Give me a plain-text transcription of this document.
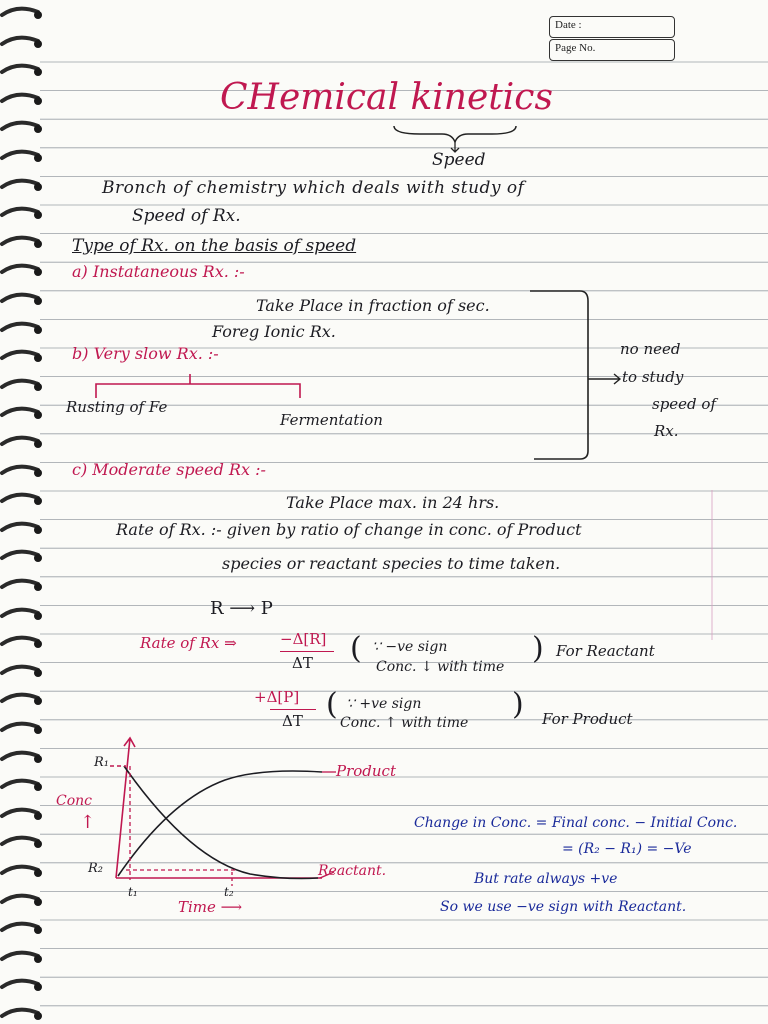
Date :
Page No.
CHemical kinetics
Speed
Bronch of chemistry which deals with study of
Speed of Rx.
Type of Rx. on the basis of speed
a) Instataneous Rx. :-
Take Place in fraction of sec.
Foreg Ionic Rx.
b) Very slow Rx. :-
Rusting of Fe
Fermentation
no need
to study
speed of
Rx.
c) Moderate speed Rx :-
Take Place max. in 24 hrs.
Rate of Rx. :- given by ratio of change in conc. of Product
species or reactant species to time taken.
R ⟶ P
Rate of Rx ⇒	−Δ[R]
ΔT ( ∵ −ve sign
Conc. ↓ with time
) For Reactant
+Δ[P]
ΔT ( ∵ +ve sign
Conc. ↑ with time
) For Product
R₁
R₂
Conc
↑
t₁	t₂
Time ⟶
Product
Reactant.
Change in Conc. = Final conc. − Initial Conc.
= (R₂ − R₁) = −Ve
But rate always +ve
So we use −ve sign with Reactant.
